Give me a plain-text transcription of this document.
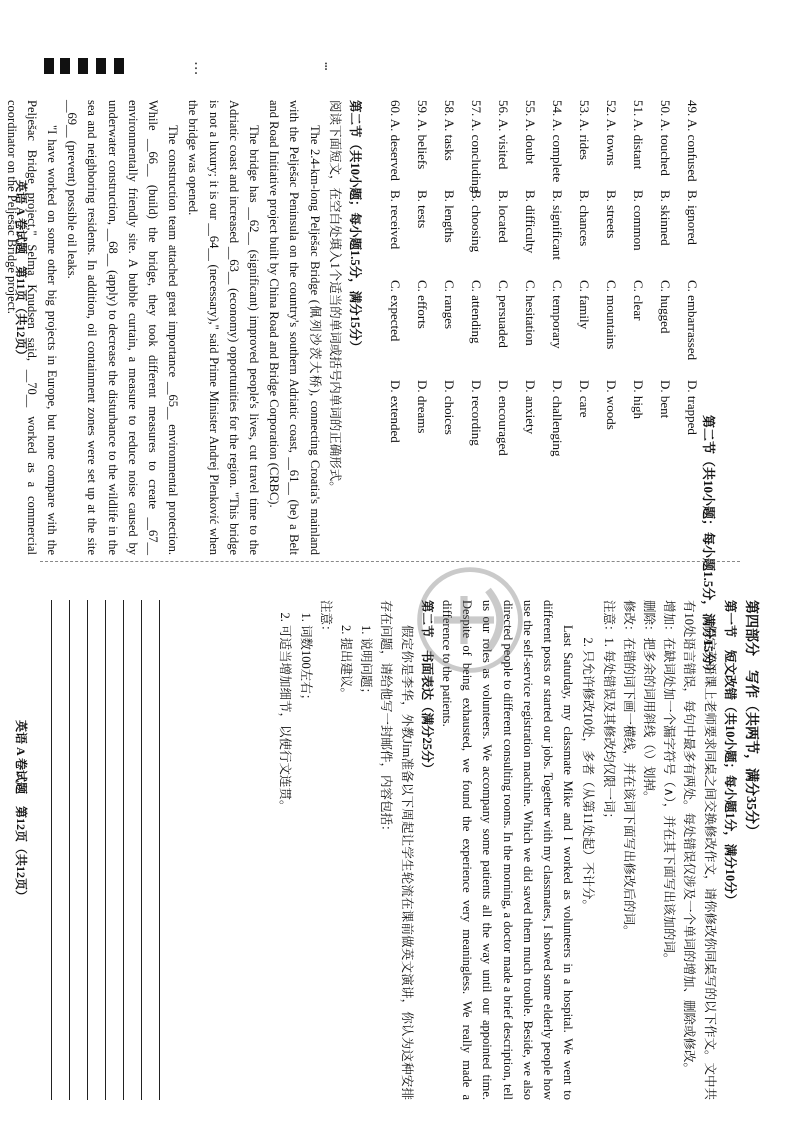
• • •	•••
49. A. confused
B. ignored
C. embarrassed
D. trapped
50. A. touched
B. skinned
C. hugged
D. bent
51. A. distant
B. common
C. clear
D. high
52. A. towns
B. streets
C. mountains
D. woods
53. A. rides
B. chances
C. family
D. care
54. A. complete
B. significant
C. temporary
D. challenging
55. A. doubt
B. difficulty
C. hesitation
D. anxiety
56. A. visited
B. located
C. persuaded
D. encouraged
57. A. concluding
B. choosing
C. attending
D. recording
58. A. tasks
B. lengths
C. ranges
D. choices
59. A. beliefs
B. tests
C. efforts
D. dreams
60. A. deserved
B. received
C. expected
D. extended
第二节（共10小题；每小题1.5分，满分15分）
第二节（共10小题；每小题1.5分，满分15分）
阅读下面短文，在空白处填入1个适当的单词或括号内单词的正确形式。
The 2.4-km-long Pelješac Bridge (佩列沙茨大桥), connecting Croatia's mainland with the Pelješac Peninsula on the country's southern Adriatic coast, __61__ (be) a Belt and Road Initiative project built by China Road and Bridge Corporation (CRBC).
The bridge has __62__ (significant) improved people's lives, cut travel time to the Adriatic coast and increased __63__ (economy) opportunities for the region. "This bridge is not a luxury; it is our __64__ (necessary)," said Prime Minister Andrej Plenković when the bridge was opened.
The construction team attached great importance __65__ environmental protection. While __66__ (build) the bridge, they took different measures to create __67__ environmentally friendly site. A bubble curtain, a measure to reduce noise caused by underwater construction, __68__ (apply) to decrease the disturbance to the wildlife in the sea and neighboring residents. In addition, oil containment zones were set up at the site __69__ (prevent) possible oil leaks.
"I have worked on some other big projects in Europe, but none compare with the Pelješac Bridge project," Selma Knudsen said, __70__ worked as a commercial coordinator on the Pelješac Bridge project.
英语 A 卷试题　第11页（共12页）
第四部分　写作（共两节，满分35分）
第一节　短文改错（共10小题；每小题1分，满分10分）
假定英语课上老师要求同桌之间交换修改作文，请你修改你同桌写的以下作文。文中共有10处语言错误，每句中最多有两处。每处错误仅涉及一个单词的增加、删除或修改。
增加：在缺词处加一个漏字符号（∧），并在其下面写出该加的词。
删除：把多余的词用斜线（\）划掉。
修改：在错的词下画一横线，并在该词下面写出修改后的词。
注意：1. 每处错误及其修改均仅限一词；
2. 只允许修改10处，多者（从第11处起）不计分。
Last Saturday, my classmate Mike and I worked as volunteers in a hospital. We went to different posts or started our jobs. Together with my classmates, I showed some elderly people how use the self-service registration machine. Which we did saved them much trouble. Beside, we also directed people to different consulting rooms. In the morning, a doctor made a brief description, tell us our roles as volunteers. We accompany some patients all the way until our appointed time. Despite of being exhausted, we found the experience very meaningless. We really made a difference to the patients.
第二节　书面表达（满分25分）
假定你是李华，外教Jim准备以下周起让学生轮流在课前做英文演讲，你认为这种安排存在问题，请给他写一封邮件，内容包括：
1. 说明问题；
2. 提出建议。
注意：
1. 词数100左右；
2. 可适当增加细节，以使行文连贯。
英语 A 卷试题　第12页（共12页）
